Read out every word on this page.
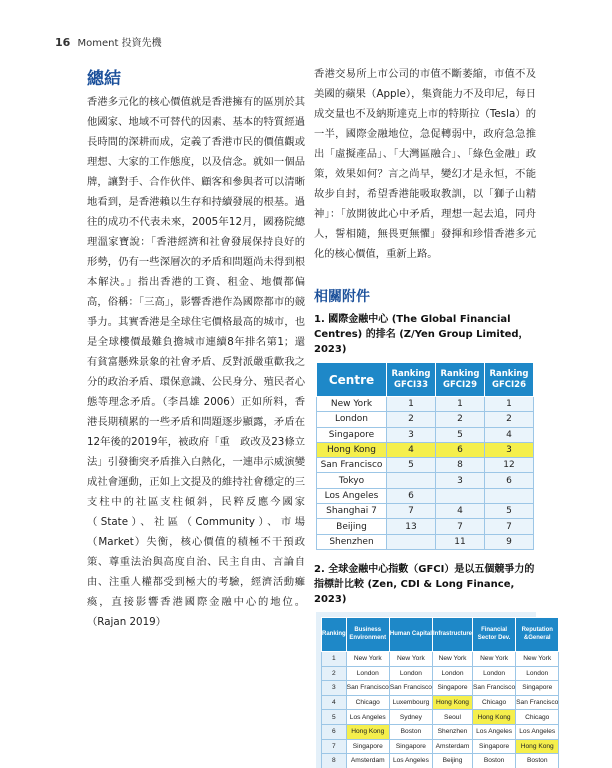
16 Moment 投資先機
總結

香港多元化的核心價值就是香港擁有的區別於其他國家、地域不可替代的因素、基本的特質經過長時間的深耕而成，定義了香港市民的價值觀或理想、大家的工作態度，以及信念。就如一個品牌，讓對手、合作伙伴、顧客和參與者可以清晰地看到，是香港賴以生存和持續發展的根基。過往的成功不代表未來，2005年12月，國務院總理溫家寶說：「香港經濟和社會發展保持良好的形勢，仍有一些深層次的矛盾和問題尚未得到根本解決。」指出香港的工資、租金、地價都偏高，俗稱：「三高」，影響香港作為國際都市的競爭力。其實香港是全球住宅價格最高的城市，也是全球樓價最難負擔城市連續8年排名第1；還有貧富懸殊景象的社會矛盾、反對派嚴重歡我之分的政治矛盾、環保意識、公民身分、殖民者心態等理念矛盾。（李昌雄 2006）正如所料，香港長期積累的一些矛盾和問題逐步顯露，矛盾在12年後的2019年，被政府「重　政改及23條立法」引發衝突矛盾推入白熱化，一連串示威演變成社會運動，正如上文提及的維持社會穩定的三支柱中的社區支柱傾斜，民粹反應今國家（State）、社區（Community）、市場（Market）失衡，核心價值的積極不干預政策、尊重法治與高度自治、民主自由、言論自由、注重人權都受到極大的考驗，經濟活動癱瘓，直接影響香港國際金融中心的地位。（Rajan 2019）

香港交易所上市公司的市值不斷萎縮，市值不及美國的蘋果（Apple），集資能力不及印尼，每日成交量也不及納斯達克上市的特斯拉（Tesla）的一半，國際金融地位，急促轉弱中，政府急急推出「虛擬產品」、「大灣區融合」、「綠色金融」政策，效果如何？言之尚早，變幻才是永恒，不能故步自封，希望香港能吸取教訓，以「獅子山精神」：「放開彼此心中矛盾，理想一起去追，同舟人，誓相隨，無畏更無懼」發揮和珍惜香港多元化的核心價值，重新上路。

相關附件
1. 國際金融中心 (The Global Financial Centres) 的排名 (Z/Yen Group Limited，2023)
Centre	Ranking GFCI33	Ranking GFCI29	Ranking GFCI26
New York	1	1	1
London	2	2	2
Singapore	3	5	4
Hong Kong	4	6	3
San Francisco	5	8	12
Tokyo		3	6
Los Angeles	6		
Shanghai 7	7	4	5
Beijing	13	7	7
Shenzhen		11	9
2. 全球金融中心指數（GFCI）是以五個競爭力的指標計比較 (Zen, CDI & Long Finance, 2023)
Ranking	Business Environment	Human Capital	Infrastructure	Financial Sector Dev.	Reputation &General
1	New York	New York	New York	New York	New York
2	London	London	London	London	London
3	San Francisco	San Francisco	Singapore	San Francisco	Singapore
4	Chicago	Luxembourg	Hong Kong	Chicago	San Francisco
5	Los Angeles	Sydney	Seoul	Hong Kong	Chicago
6	Hong Kong	Boston	Shenzhen	Los Angeles	Los Angeles
7	Singapore	Singapore	Amsterdam	Singapore	Hong Kong
8	Amsterdam	Los Angeles	Beijing	Boston	Boston
